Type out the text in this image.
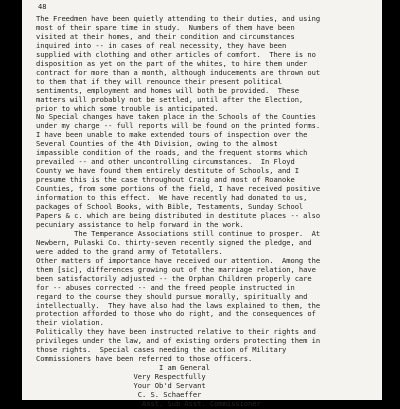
48
The Freedmen have been quietly attending to their duties, and using
most of their spare time in study.  Numbers of them have been
visited at their homes, and their condition and circumstances
inquired into -- in cases of real necessity, they have been
supplied with clothing and other articles of comfort.  There is no
disposition as yet on the part of the whites, to hire them under
contract for more than a month, although inducements are thrown out
to them that if they will renounce their present political
sentiments, employment and homes will both be provided.  These
matters will probably not be settled, until after the Election,
prior to which some trouble is anticipated.
No Special changes have taken place in the Schools of the Counties
under my charge -- full reports will be found on the printed forms.
I have been unable to make extended tours of inspection over the
Several Counties of the 4th Division, owing to the almost
impassible condition of the roads, and the frequent storms which
prevailed -- and other uncontrolling circumstances.  In Floyd
County we have found them entirely destitute of Schools, and I
presume this is the case throughout Craig and most of Roanoke
Counties, from some portions of the field, I have received positive
information to this effect.  We have recently had donated to us,
packages of School Books, with Bible, Testaments, Sunday School
Papers & c. which are being distributed in destitute places -- also
pecuniary assistance to help forward in the work.
The Temperance Associations still continue to prosper.  At
Newbern, Pulaski Co. thirty-seven recently signed the pledge, and
were added to the grand army of Tetotallers.
Other matters of importance have received our attention.  Among the
them [sic], differences growing out of the marriage relation, have
been satisfactorily adjusted -- the Orphan Children properly care
for -- abuses corrected -- and the freed people instructed in
regard to the course they should pursue morally, spiritually and
intellectually.  They have also had the laws explained to them, the
protection afforded to those who do right, and the consequences of
their violation.
Politically they have been instructed relative to their rights and
privileges under the law, and of existing orders protecting them in
those rights.  Special cases needing the action of Military
Commissioners have been referred to those officers.
I am General
Very Respectfully
Your Ob'd Servant
C. S. Schaeffer
Asst. Sub Asst. Commissioner
